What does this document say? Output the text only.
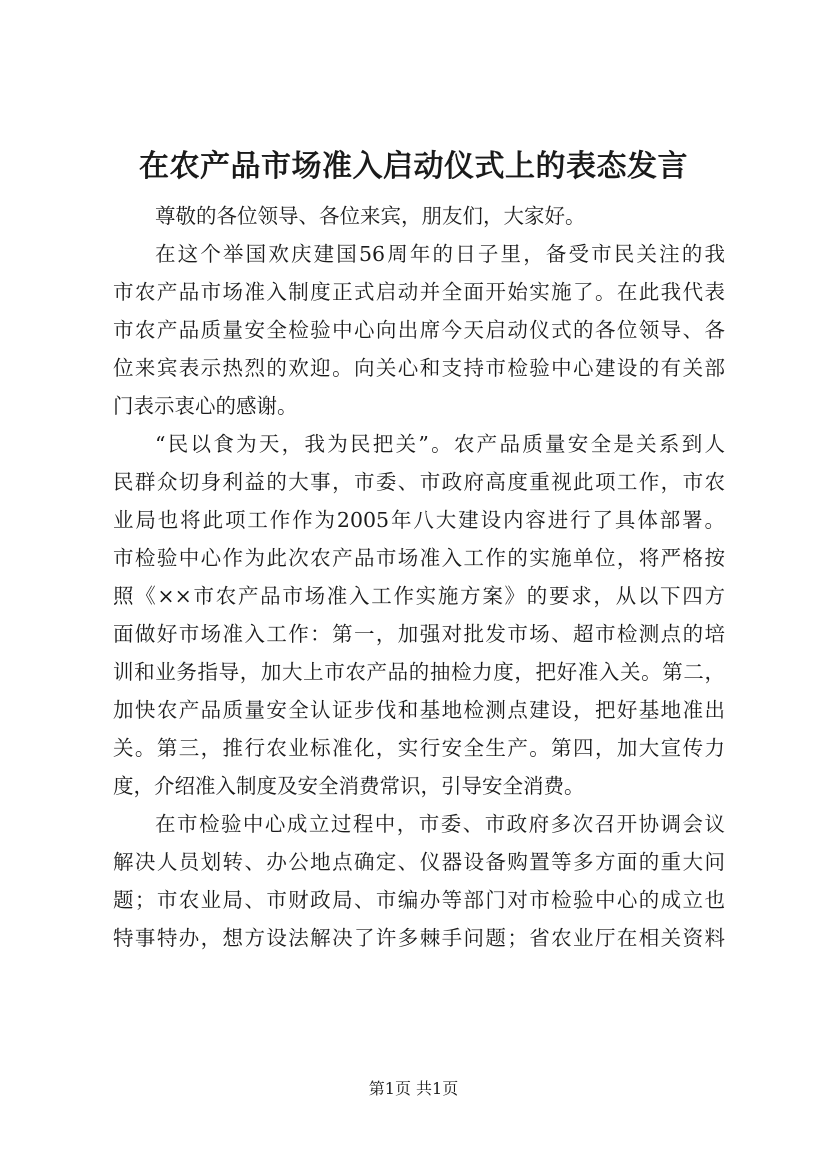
在农产品市场准入启动仪式上的表态发言
尊敬的各位领导、各位来宾，朋友们，大家好。
在这个举国欢庆建国56周年的日子里，备受市民关注的我
市农产品市场准入制度正式启动并全面开始实施了。在此我代表
市农产品质量安全检验中心向出席今天启动仪式的各位领导、各
位来宾表示热烈的欢迎。向关心和支持市检验中心建设的有关部
门表示衷心的感谢。
“民以食为天，我为民把关”。农产品质量安全是关系到人
民群众切身利益的大事，市委、市政府高度重视此项工作，市农
业局也将此项工作作为2005年八大建设内容进行了具体部署。
市检验中心作为此次农产品市场准入工作的实施单位，将严格按
照《××市农产品市场准入工作实施方案》的要求，从以下四方
面做好市场准入工作：第一，加强对批发市场、超市检测点的培
训和业务指导，加大上市农产品的抽检力度，把好准入关。第二，
加快农产品质量安全认证步伐和基地检测点建设，把好基地准出
关。第三，推行农业标准化，实行安全生产。第四，加大宣传力
度，介绍准入制度及安全消费常识，引导安全消费。
在市检验中心成立过程中，市委、市政府多次召开协调会议
解决人员划转、办公地点确定、仪器设备购置等多方面的重大问
题；市农业局、市财政局、市编办等部门对市检验中心的成立也
特事特办，想方设法解决了许多棘手问题；省农业厅在相关资料
第1页 共1页
